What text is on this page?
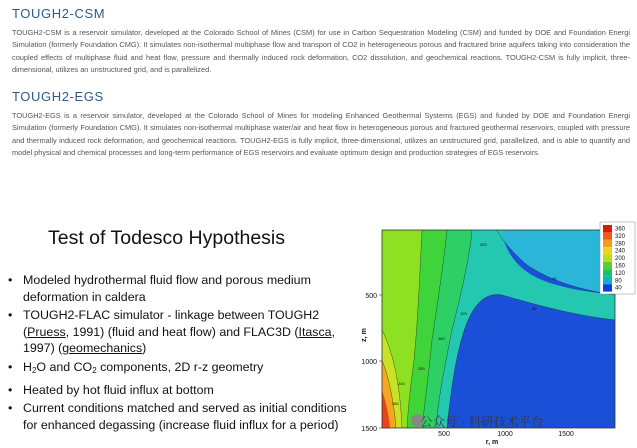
TOUGH2-CSM

TOUGH2-CSM is a reservoir simulator, developed at the Colorado School of Mines (CSM) for use in Carbon Sequestration Modeling (CSM) and funded by DOE and Foundation Energi Simulation (formerly Foundation CMG). It simulates non-isothermal multiphase flow and transport of CO2 in heterogeneous porous and fractured brine aquifers taking into consideration the coupled effects of multiphase fluid and heat flow, pressure and thermally induced rock deformation, CO2 dissolution, and geochemical reactions. TOUGH2-CSM is fully implicit, three-dimensional, utilizes an unstructured grid, and is parallelized.

TOUGH2-EGS

TOUGH2-EGS is a reservoir simulator, developed at the Colorado School of Mines for modeling Enhanced Geothermal Systems (EGS) and funded by DOE and Foundation Energi Simulation (formerly Foundation CMG). It simulates non-isothermal multiphase water/air and heat flow in heterogeneous porous and fractured geothermal reservoirs, coupled with pressure and thermally induced rock deformation, and geochemical reactions. TOUGH2-EGS is fully implicit, three-dimensional, utilizes an unstructured grid, parallelized, and is able to quantify and model physical and chemical processes and long-term performance of EGS reservoirs and evaluate optimum design and production strategies of EGS reservoirs.

Test of Todesco Hypothesis
• Modeled hydrothermal fluid flow and porous medium deformation in caldera
• TOUGH2-FLAC simulator - linkage between TOUGH2 (Pruess, 1991) (fluid and heat flow) and FLAC3D (Itasca, 1997) (geomechanics)
• $H_2O$ and $CO_2$ components, 2D r-z geometry
• Heated by hot fluid influx at bottom
• Current conditions matched and served as initial conditions for enhanced degassing (increase fluid influx for a period)
40
80
120
160
200
240
280
320
500
1000
1500
z, m
500	1000	1500
r, m
360
320
280
240
200
160
120
80
40
公众号 · 科研技术平台
